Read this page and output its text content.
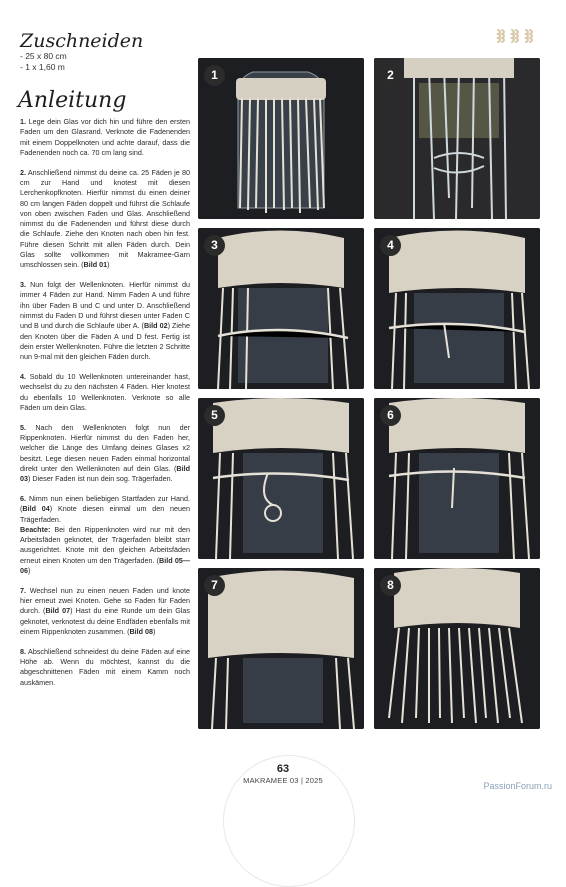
Zuschneiden
- 25 x 80 cm
- 1 x 1,60 m
Anleitung

1. Lege dein Glas vor dich hin und führe den ersten Faden um den Glasrand. Verknote die Fadenenden mit einem Doppelknoten und achte darauf, dass die Fadenenden noch ca. 70 cm lang sind.

2. Anschließend nimmst du deine ca. 25 Fäden je 80 cm zur Hand und knotest mit diesen Lerchenkopfknoten. Hierfür nimmst du einen deiner 80 cm langen Fäden doppelt und führst die Schlaufe von oben zwischen Faden und Glas. Anschließend nimmst du die Fadenenden und führst diese durch die Schlaufe. Ziehe den Knoten nach oben hin fest. Führe diesen Schritt mit allen Fäden durch. Dein Glas sollte vollkommen mit Makramee-Garn umschlossen sein. (Bild 01)

3. Nun folgt der Wellenknoten. Hierfür nimmst du immer 4 Fäden zur Hand. Nimm Faden A und führe ihn über Faden B und C und unter D. Anschließend nimmst du Faden D und führst diesen unter Faden C und B und durch die Schlaufe über A. (Bild 02) Ziehe den Knoten über die Fäden A und D fest. Fertig ist dein erster Wellenknoten. Führe die letzten 2 Schritte nun 9-mal mit den gleichen Fäden durch.

4. Sobald du 10 Wellenknoten untereinander hast, wechselst du zu den nächsten 4 Fäden. Hier knotest du ebenfalls 10 Wellenknoten. Verknote so alle Fäden um dein Glas.

5. Nach den Wellenknoten folgt nun der Rippenknoten. Hierfür nimmst du den Faden her, welcher die Länge des Umfang deines Glases x2 besitzt. Lege diesen neuen Faden einmal horizontal direkt unter den Wellenknoten auf dein Glas. (Bild 03) Dieser Faden ist nun dein sog. Trägerfaden.

6. Nimm nun einen beliebigen Startfaden zur Hand. (Bild 04) Knote diesen einmal um den neuen Trägerfaden.
Beachte: Bei den Rippenknoten wird nur mit den Arbeitsfäden geknotet, der Trägerfaden bleibt starr ausgerichtet. Knote mit den gleichen Arbeitsfäden erneut einen Knoten um den Trägerfaden. (Bild 05—06)

7. Wechsel nun zu einen neuen Faden und knote hier erneut zwei Knoten. Gehe so Faden für Faden durch. (Bild 07) Hast du eine Runde um dein Glas geknotet, verknotest du deine Endfäden ebenfalls mit einem Rippenknoten zusammen. (Bild 08)

8. Abschließend schneidest du deine Fäden auf eine Höhe ab. Wenn du möchtest, kannst du die abgeschnittenen Fäden mit einem Kamm noch auskämen.

1	2
3	4
5	6
7	8
63
MAKRAMEE 03 | 2025
PassionForum.ru
